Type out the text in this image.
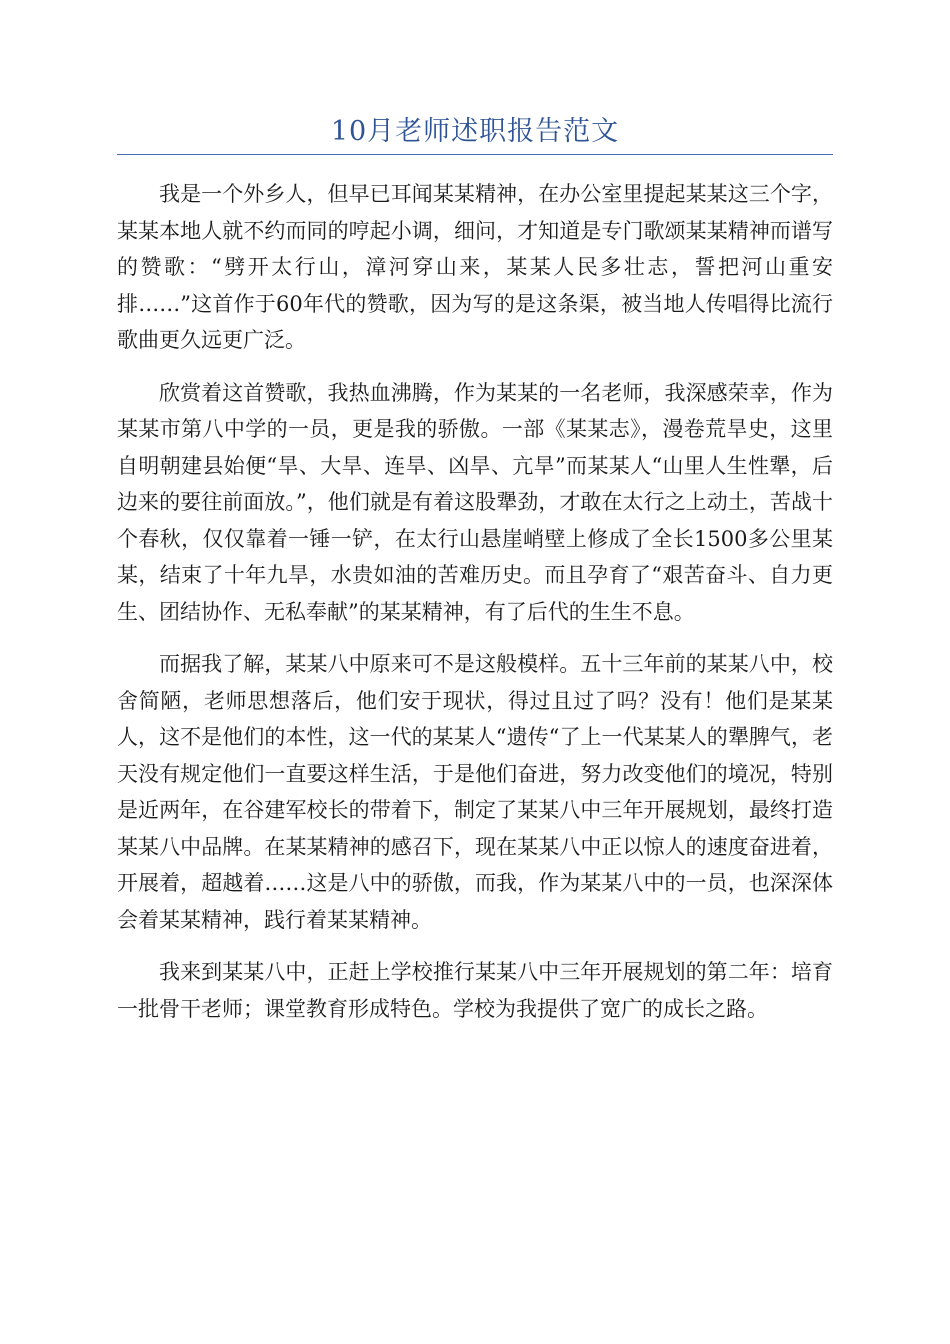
10月老师述职报告范文

我是一个外乡人，但早已耳闻某某精神，在办公室里提起某某这三个字，某某本地人就不约而同的哼起小调，细问，才知道是专门歌颂某某精神而谱写的赞歌：“劈开太行山，漳河穿山来，某某人民多壮志，誓把河山重安排……”这首作于60年代的赞歌，因为写的是这条渠，被当地人传唱得比流行歌曲更久远更广泛。

欣赏着这首赞歌，我热血沸腾，作为某某的一名老师，我深感荣幸，作为某某市第八中学的一员，更是我的骄傲。一部《某某志》，漫卷荒旱史，这里自明朝建县始便“旱、大旱、连旱、凶旱、亢旱”而某某人“山里人生性犟，后边来的要往前面放。”，他们就是有着这股犟劲，才敢在太行之上动土，苦战十个春秋，仅仅靠着一锤一铲，在太行山悬崖峭壁上修成了全长1500多公里某某，结束了十年九旱，水贵如油的苦难历史。而且孕育了“艰苦奋斗、自力更生、团结协作、无私奉献”的某某精神，有了后代的生生不息。

而据我了解，某某八中原来可不是这般模样。五十三年前的某某八中，校舍简陋，老师思想落后，他们安于现状，得过且过了吗？没有！他们是某某人，这不是他们的本性，这一代的某某人“遗传“了上一代某某人的犟脾气，老天没有规定他们一直要这样生活，于是他们奋进，努力改变他们的境况，特别是近两年，在谷建军校长的带着下，制定了某某八中三年开展规划，最终打造某某八中品牌。在某某精神的感召下，现在某某八中正以惊人的速度奋进着，开展着，超越着……这是八中的骄傲，而我，作为某某八中的一员，也深深体会着某某精神，践行着某某精神。

我来到某某八中，正赶上学校推行某某八中三年开展规划的第二年：培育一批骨干老师；课堂教育形成特色。学校为我提供了宽广的成长之路。
